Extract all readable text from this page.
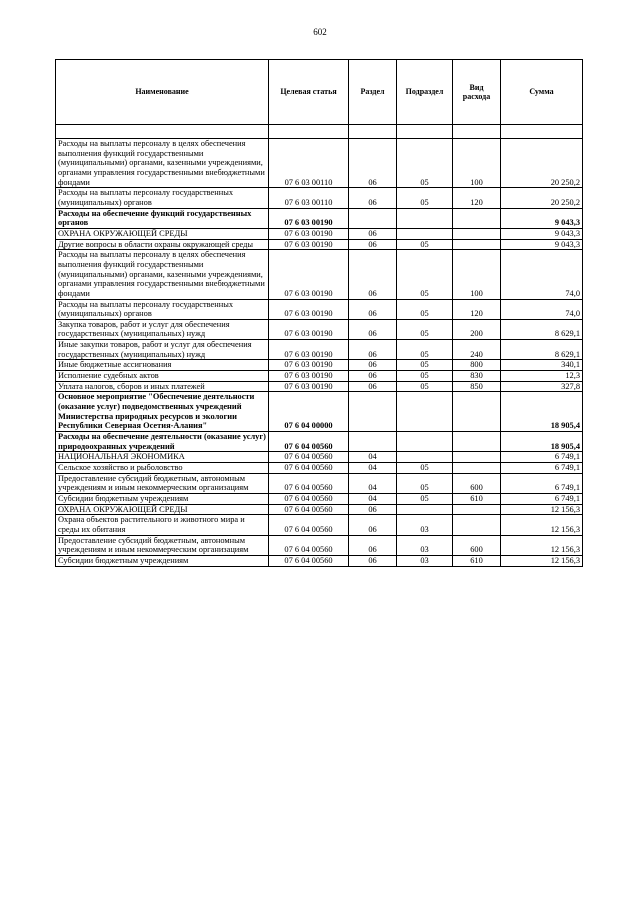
602
Наименование	Целевая статья	Раздел	Подраздел	Вид расхода	Сумма

Расходы на выплаты персоналу в целях обеспечения выполнения функций государственными (муниципальными) органами, казенными учреждениями, органами управления государственными внебюджетными фондами	07 6 03 00110	06	05	100	20 250,2
Расходы на выплаты персоналу государственных (муниципальных) органов	07 6 03 00110	06	05	120	20 250,2
Расходы на обеспечение функций государственных органов	07 6 03 00190				9 043,3
ОХРАНА ОКРУЖАЮЩЕЙ СРЕДЫ	07 6 03 00190	06			9 043,3
Другие вопросы в области охраны окружающей среды	07 6 03 00190	06	05		9 043,3
Расходы на выплаты персоналу в целях обеспечения выполнения функций государственными (муниципальными) органами, казенными учреждениями, органами управления государственными внебюджетными фондами	07 6 03 00190	06	05	100	74,0
Расходы на выплаты персоналу государственных (муниципальных) органов	07 6 03 00190	06	05	120	74,0
Закупка товаров, работ и услуг для обеспечения государственных (муниципальных) нужд	07 6 03 00190	06	05	200	8 629,1
Иные закупки товаров, работ и услуг для обеспечения государственных (муниципальных) нужд	07 6 03 00190	06	05	240	8 629,1
Иные бюджетные ассигнования	07 6 03 00190	06	05	800	340,1
Исполнение судебных актов	07 6 03 00190	06	05	830	12,3
Уплата налогов, сборов и иных платежей	07 6 03 00190	06	05	850	327,8
Основное мероприятие "Обеспечение деятельности (оказание услуг) подведомственных учреждений Министерства природных ресурсов и экологии Республики Северная Осетия-Алания"	07 6 04 00000				18 905,4
Расходы на обеспечение деятельности (оказание услуг) природоохранных учреждений	07 6 04 00560				18 905,4
НАЦИОНАЛЬНАЯ ЭКОНОМИКА	07 6 04 00560	04			6 749,1
Сельское хозяйство и рыболовство	07 6 04 00560	04	05		6 749,1
Предоставление субсидий бюджетным, автономным учреждениям и иным некоммерческим организациям	07 6 04 00560	04	05	600	6 749,1
Субсидии бюджетным учреждениям	07 6 04 00560	04	05	610	6 749,1
ОХРАНА ОКРУЖАЮЩЕЙ СРЕДЫ	07 6 04 00560	06			12 156,3
Охрана объектов растительного и животного мира и среды их обитания	07 6 04 00560	06	03		12 156,3
Предоставление субсидий бюджетным, автономным учреждениям и иным некоммерческим организациям	07 6 04 00560	06	03	600	12 156,3
Субсидии бюджетным учреждениям	07 6 04 00560	06	03	610	12 156,3
